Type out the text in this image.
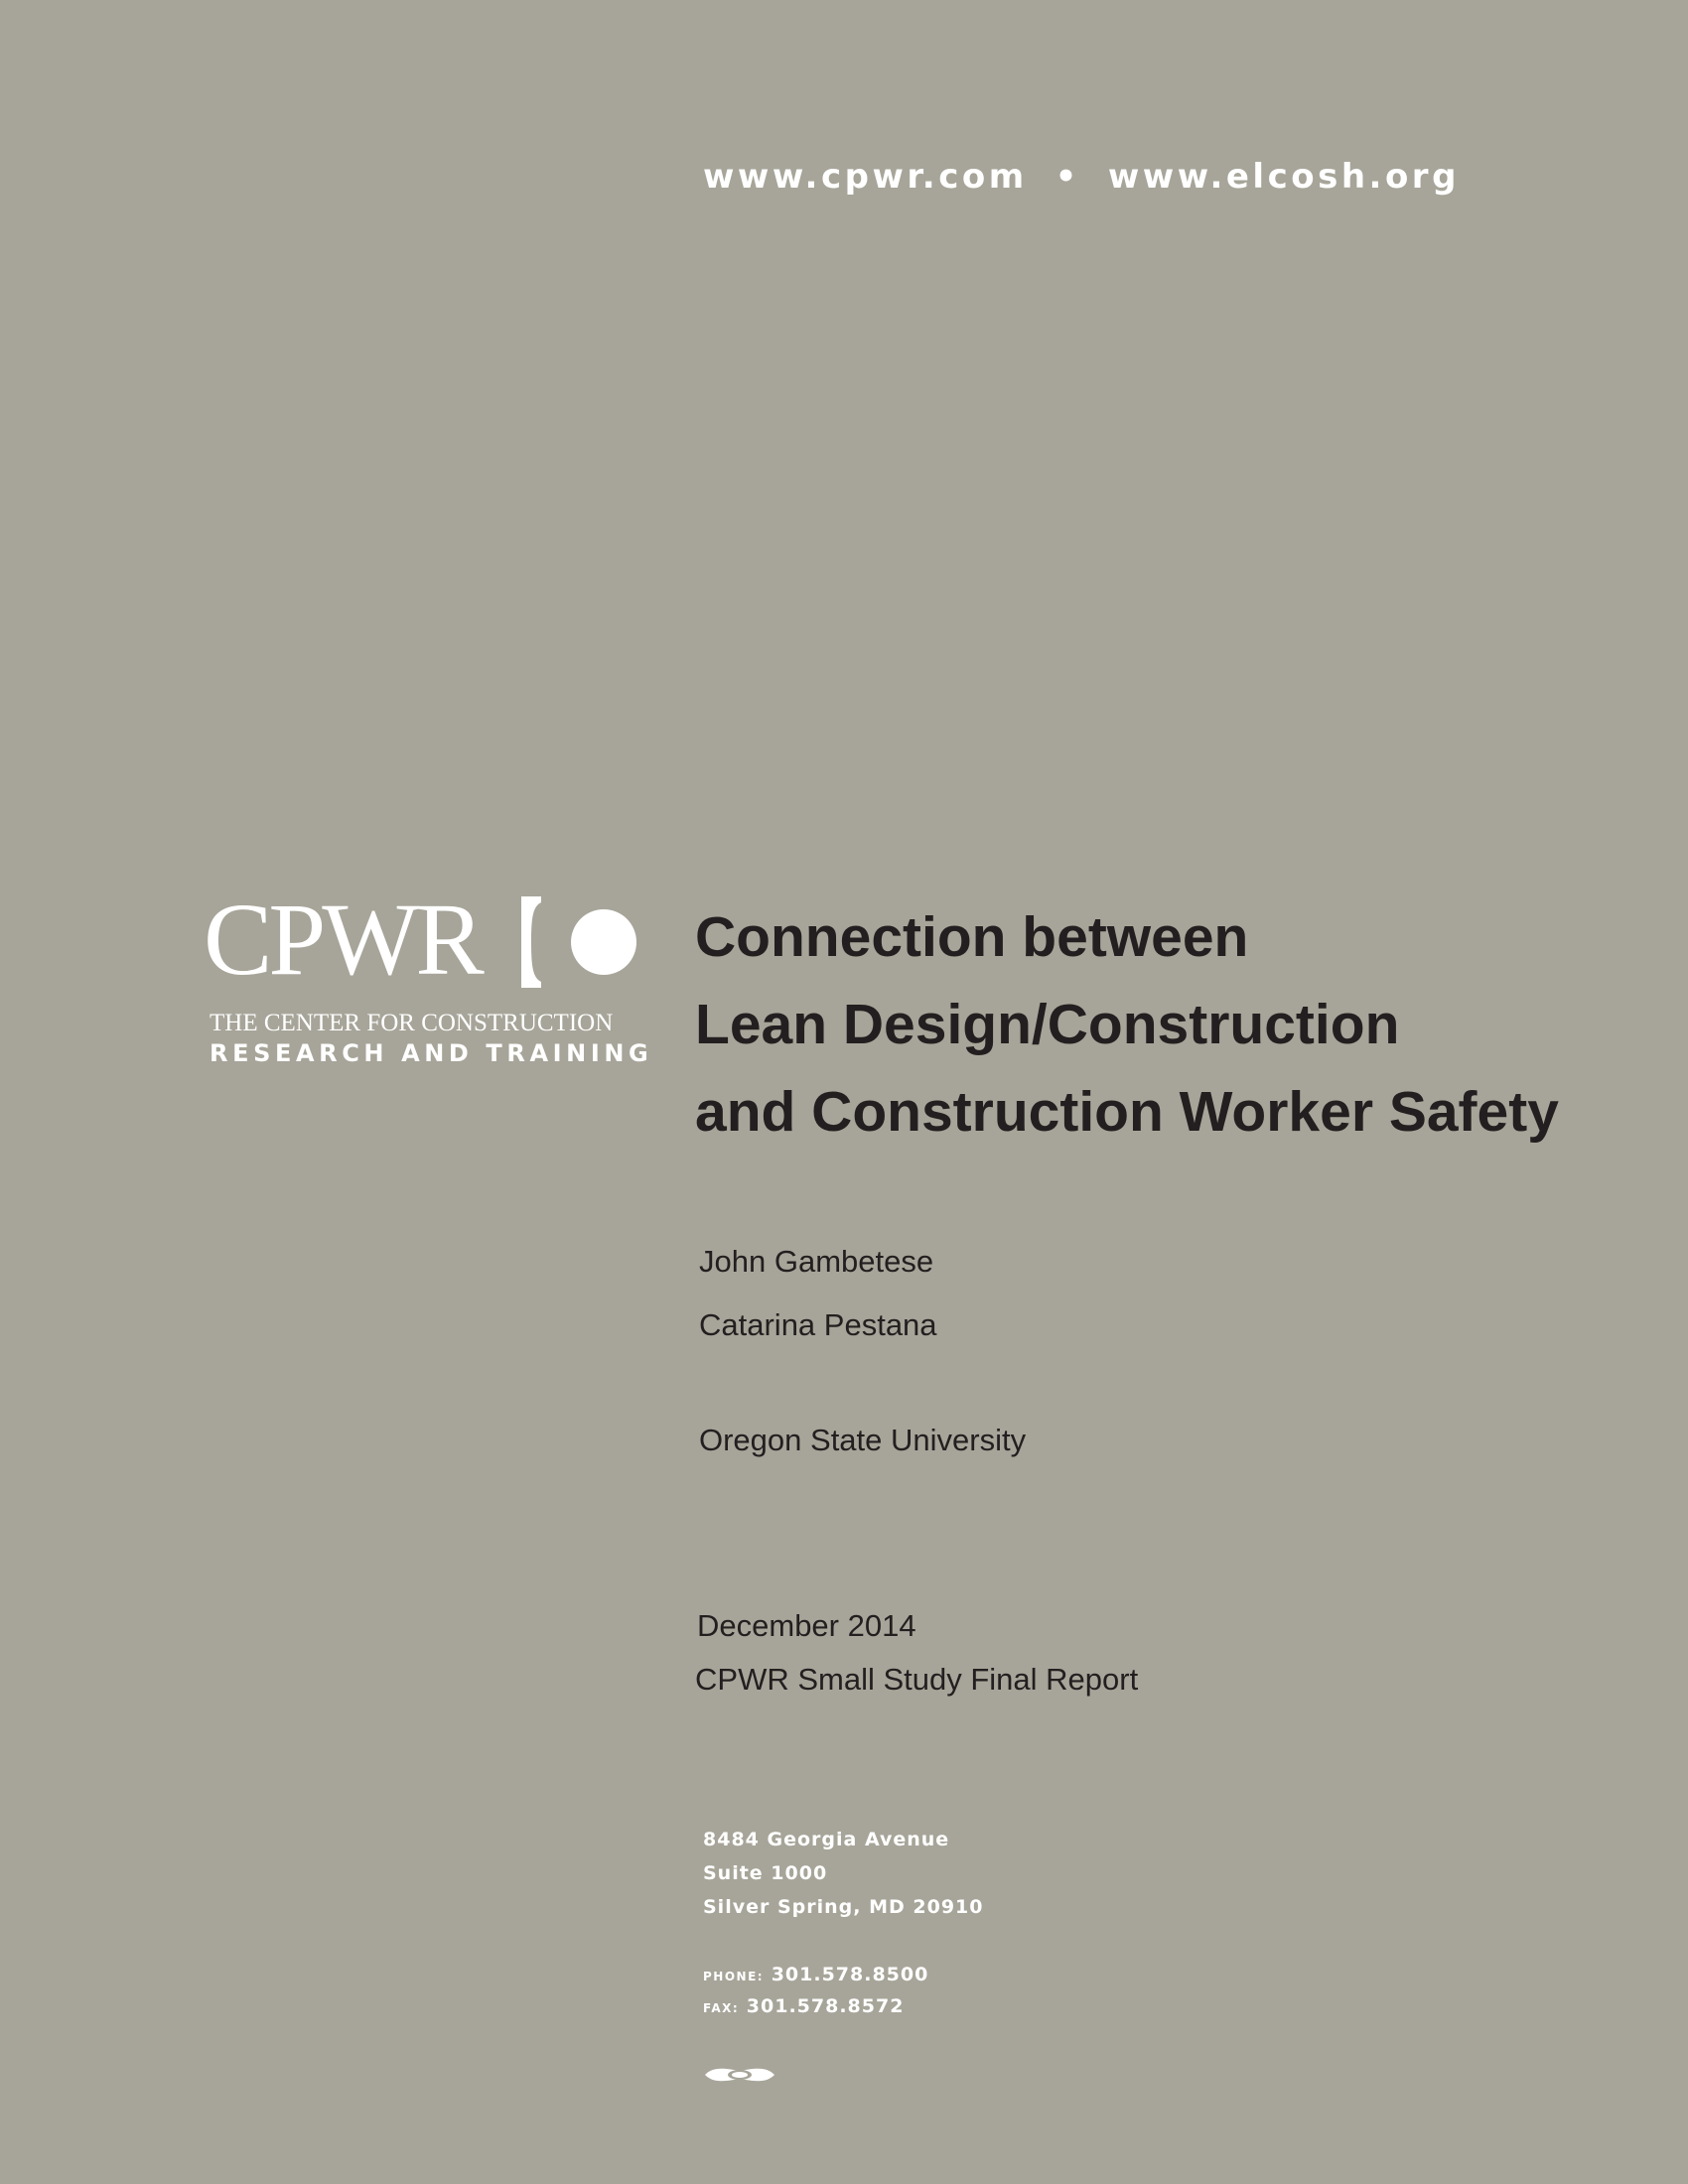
www.cpwr.com • www.elcosh.org
CPWR
THE CENTER FOR CONSTRUCTION
RESEARCH AND TRAINING
Connection between
Lean Design/Construction
and Construction Worker Safety
John Gambetese
Catarina Pestana
Oregon State University
December 2014
CPWR Small Study Final Report
8484 Georgia Avenue
Suite 1000
Silver Spring, MD 20910
PHONE: 301.578.8500
FAX: 301.578.8572
